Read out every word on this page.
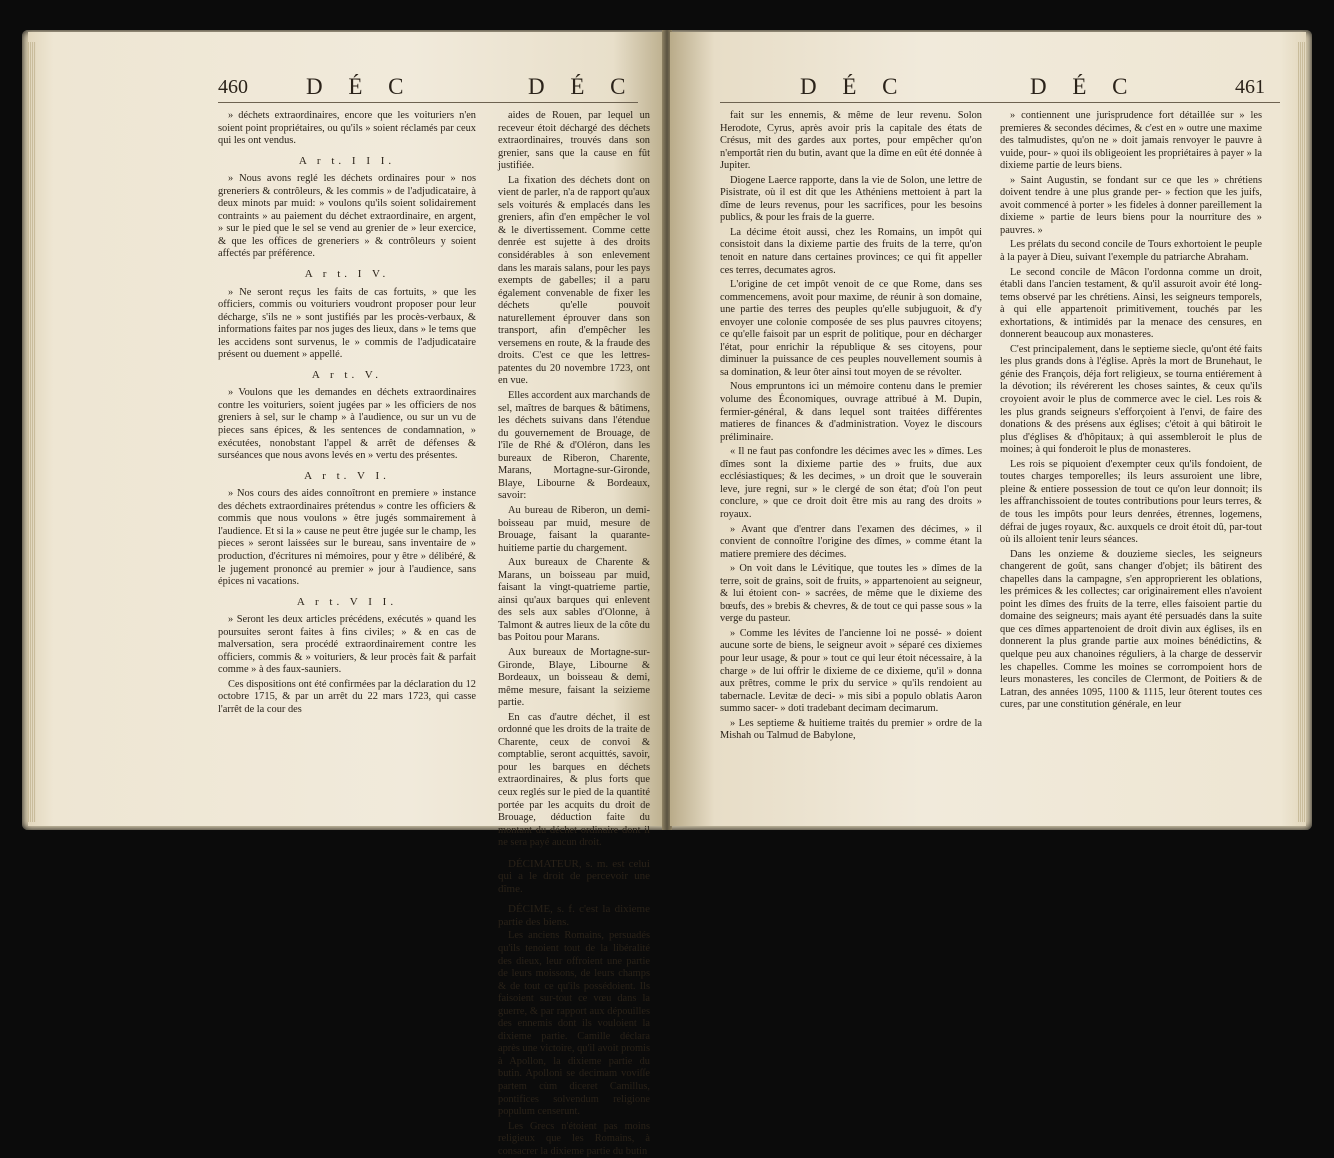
460	D É C	D É C

» déchets extraordinaires, encore que les voituriers n'en soient point propriétaires, ou qu'ils » soient réclamés par ceux qui les ont vendus.

A r t. I I I.

» Nous avons reglé les déchets ordinaires pour » nos greneriers & contrôleurs, & les commis » de l'adjudicataire, à deux minots par muid: » voulons qu'ils soient solidairement contraints » au paiement du déchet extraordinaire, en argent, » sur le pied que le sel se vend au grenier de » leur exercice, & que les offices de greneriers » & contrôleurs y soient affectés par préférence.

A r t. I V.

» Ne seront reçus les faits de cas fortuits, » que les officiers, commis ou voituriers voudront proposer pour leur décharge, s'ils ne » sont justifiés par les procès-verbaux, & informations faites par nos juges des lieux, dans » le tems que les accidens sont survenus, le » commis de l'adjudicataire présent ou duement » appellé.

A r t. V.

» Voulons que les demandes en déchets extraordinaires contre les voituriers, soient jugées par » les officiers de nos greniers à sel, sur le champ » à l'audience, ou sur un vu de pieces sans épices, & les sentences de condamnation, » exécutées, nonobstant l'appel & arrêt de défenses & surséances que nous avons levés en » vertu des présentes.

A r t. V I.

» Nos cours des aides connoîtront en premiere » instance des déchets extraordinaires prétendus » contre les officiers & commis que nous voulons » être jugés sommairement à l'audience. Et si la » cause ne peut être jugée sur le champ, les pieces » seront laissées sur le bureau, sans inventaire de » production, d'écritures ni mémoires, pour y être » délibéré, & le jugement prononcé au premier » jour à l'audience, sans épices ni vacations.

A r t. V I I.

» Seront les deux articles précédens, exécutés » quand les poursuites seront faites à fins civiles; » & en cas de malversation, sera procédé extraordinairement contre les officiers, commis & » voituriers, & leur procès fait & parfait comme » à des faux-sauniers.

Ces dispositions ont été confirmées par la déclaration du 12 octobre 1715, & par un arrêt du 22 mars 1723, qui casse l'arrêt de la cour des

aides de Rouen, par lequel un receveur étoit déchargé des déchets extraordinaires, trouvés dans son grenier, sans que la cause en fût justifiée.

La fixation des déchets dont on vient de parler, n'a de rapport qu'aux sels voiturés & emplacés dans les greniers, afin d'en empêcher le vol & le divertissement. Comme cette denrée est sujette à des droits considérables à son enlevement dans les marais salans, pour les pays exempts de gabelles; il a paru également convenable de fixer les déchets qu'elle pouvoit naturellement éprouver dans son transport, afin d'empêcher les versemens en route, & la fraude des droits. C'est ce que les lettres-patentes du 20 novembre 1723, ont en vue.

Elles accordent aux marchands de sel, maîtres de barques & bâtimens, les déchets suivans dans l'étendue du gouvernement de Brouage, de l'île de Rhé & d'Oléron, dans les bureaux de Riberon, Charente, Marans, Mortagne-sur-Gironde, Blaye, Libourne & Bordeaux, savoir:

Au bureau de Riberon, un demi-boisseau par muid, mesure de Brouage, faisant la quarante-huitieme partie du chargement.

Aux bureaux de Charente & Marans, un boisseau par muid, faisant la vingt-quatrieme partie, ainsi qu'aux barques qui enlevent des sels aux sables d'Olonne, à Talmont & autres lieux de la côte du bas Poitou pour Marans.

Aux bureaux de Mortagne-sur-Gironde, Blaye, Libourne & Bordeaux, un boisseau & demi, même mesure, faisant la seizieme partie.

En cas d'autre déchet, il est ordonné que les droits de la traite de Charente, ceux de convoi & comptablie, seront acquittés, savoir, pour les barques en déchets extraordinaires, & plus forts que ceux reglés sur le pied de la quantité portée par les acquits du droit de Brouage, déduction faite du montant du déchet ordinaire dont il ne sera payé aucun droit.

DÉCIMATEUR, s. m. est celui qui a le droit de percevoir une dîme.
DÉCIME, s. f. c'est la dixieme partie des biens.

Les anciens Romains, persuadés qu'ils tenoient tout de la libéralité des dieux, leur offroient une partie de leurs moissons, de leurs champs & de tout ce qu'ils possédoient. Ils faisoient sur-tout ce vœu dans la guerre, & par rapport aux dépouilles des ennemis dont ils vouloient la dixieme partie. Camille déclara après une victoire, qu'il avoit promis à Apollon, la dixieme partie du butin. Apolloni se decimam voviſſe partem cùm diceret Camillus, pontifices solvendum religione populum censerunt.

Les Grecs n'étoient pas moins religieux que les Romains, à consacrer la dixieme partie du butin

D É C	D É C	461

fait sur les ennemis, & même de leur revenu. Solon Herodote, Cyrus, après avoir pris la capitale des états de Crésus, mit des gardes aux portes, pour empêcher qu'on n'emportât rien du butin, avant que la dîme en eût été donnée à Jupiter.

Diogene Laerce rapporte, dans la vie de Solon, une lettre de Pisistrate, où il est dit que les Athéniens mettoient à part la dîme de leurs revenus, pour les sacrifices, pour les besoins publics, & pour les frais de la guerre.

La décime étoit aussi, chez les Romains, un impôt qui consistoit dans la dixieme partie des fruits de la terre, qu'on tenoit en nature dans certaines provinces; ce qui fit appeller ces terres, decumates agros.

L'origine de cet impôt venoit de ce que Rome, dans ses commencemens, avoit pour maxime, de réunir à son domaine, une partie des terres des peuples qu'elle subjuguoit, & d'y envoyer une colonie composée de ses plus pauvres citoyens; ce qu'elle faisoit par un esprit de politique, pour en décharger l'état, pour enrichir la république & ses citoyens, pour diminuer la puissance de ces peuples nouvellement soumis à sa domination, & leur ôter ainsi tout moyen de se révolter.

Nous empruntons ici un mémoire contenu dans le premier volume des Économiques, ouvrage attribué à M. Dupin, fermier-général, & dans lequel sont traitées différentes matieres de finances & d'administration. Voyez le discours préliminaire.

« Il ne faut pas confondre les décimes avec les » dîmes. Les dîmes sont la dixieme partie des » fruits, due aux ecclésiastiques; & les decimes, » un droit que le souverain leve, jure regni, sur » le clergé de son état; d'où l'on peut conclure, » que ce droit doit être mis au rang des droits » royaux.

» Avant que d'entrer dans l'examen des décimes, » il convient de connoître l'origine des dîmes, » comme étant la matiere premiere des décimes.

» On voit dans le Lévitique, que toutes les » dîmes de la terre, soit de grains, soit de fruits, » appartenoient au seigneur, & lui étoient con- » sacrées, de même que le dixieme des bœufs, des » brebis & chevres, & de tout ce qui passe sous » la verge du pasteur.

» Comme les lévites de l'ancienne loi ne possé- » doient aucune sorte de biens, le seigneur avoit » séparé ces dixiemes pour leur usage, & pour » tout ce qui leur étoit nécessaire, à la charge » de lui offrir le dixieme de ce dixieme, qu'il » donna aux prêtres, comme le prix du service » qu'ils rendoient au tabernacle. Levitæ de deci- » mis sibi a populo oblatis Aaron summo sacer- » doti tradebant decimam decimarum.

» Les septieme & huitieme traités du premier » ordre de la Mishah ou Talmud de Babylone,

» contiennent une jurisprudence fort détaillée sur » les premieres & secondes décimes, & c'est en » outre une maxime des talmudistes, qu'on ne » doit jamais renvoyer le pauvre à vuide, pour- » quoi ils obligeoient les propriétaires à payer » la dixieme partie de leurs biens.

» Saint Augustin, se fondant sur ce que les » chrétiens doivent tendre à une plus grande per- » fection que les juifs, avoit commencé à porter » les fideles à donner pareillement la dixieme » partie de leurs biens pour la nourriture des » pauvres. »

Les prélats du second concile de Tours exhortoient le peuple à la payer à Dieu, suivant l'exemple du patriarche Abraham.

Le second concile de Mâcon l'ordonna comme un droit, établi dans l'ancien testament, & qu'il assuroit avoir été long-tems observé par les chrétiens. Ainsi, les seigneurs temporels, à qui elle appartenoit primitivement, touchés par les exhortations, & intimidés par la menace des censures, en donnerent beaucoup aux monasteres.

C'est principalement, dans le septieme siecle, qu'ont été faits les plus grands dons à l'église. Après la mort de Brunehaut, le génie des François, déja fort religieux, se tourna entiérement à la dévotion; ils révérerent les choses saintes, & ceux qu'ils croyoient avoir le plus de commerce avec le ciel. Les rois & les plus grands seigneurs s'efforçoient à l'envi, de faire des donations & des présens aux églises; c'étoit à qui bâtiroit le plus d'églises & d'hôpitaux; à qui assembleroit le plus de moines; à qui fonderoit le plus de monasteres.

Les rois se piquoient d'exempter ceux qu'ils fondoient, de toutes charges temporelles; ils leurs assuroient une libre, pleine & entiere possession de tout ce qu'on leur donnoit; ils les affranchissoient de toutes contributions pour leurs terres, & de tous les impôts pour leurs denrées, étrennes, logemens, défrai de juges royaux, &c. auxquels ce droit étoit dû, par-tout où ils alloient tenir leurs séances.

Dans les onzieme & douzieme siecles, les seigneurs changerent de goût, sans changer d'objet; ils bâtirent des chapelles dans la campagne, s'en approprierent les oblations, les prémices & les collectes; car originairement elles n'avoient point les dîmes des fruits de la terre, elles faisoient partie du domaine des seigneurs; mais ayant été persuadés dans la suite que ces dîmes appartenoient de droit divin aux églises, ils en donnerent la plus grande partie aux moines bénédictins, & quelque peu aux chanoines réguliers, à la charge de desservir les chapelles. Comme les moines se corrompoient hors de leurs monasteres, les conciles de Clermont, de Poitiers & de Latran, des années 1095, 1100 & 1115, leur ôterent toutes ces cures, par une constitution générale, en leur
